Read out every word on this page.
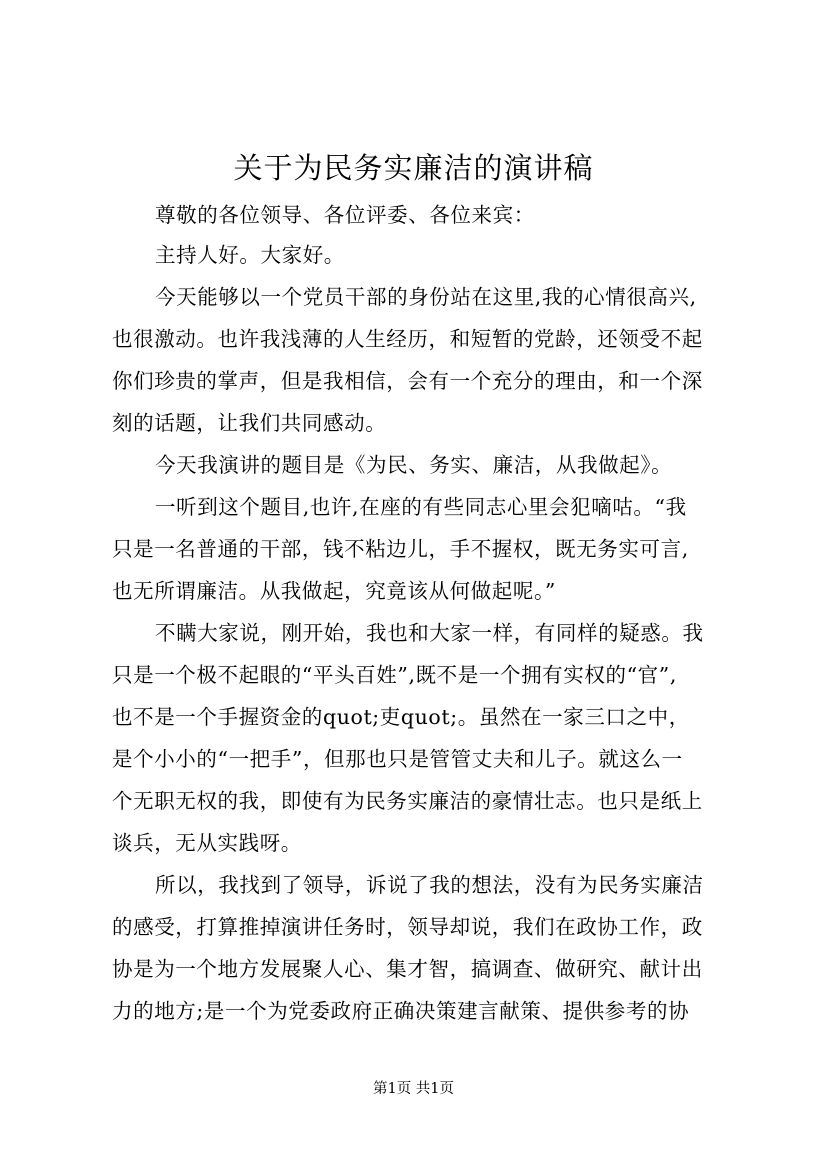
关于为民务实廉洁的演讲稿

尊敬的各位领导、各位评委、各位来宾：

主持人好。大家好。

今天能够以一个党员干部的身份站在这里,我的心情很高兴,

也很激动。也许我浅薄的人生经历，和短暂的党龄，还领受不起

你们珍贵的掌声，但是我相信，会有一个充分的理由，和一个深

刻的话题，让我们共同感动。

今天我演讲的题目是《为民、务实、廉洁，从我做起》。

一听到这个题目,也许,在座的有些同志心里会犯嘀咕。“我

只是一名普通的干部，钱不粘边儿，手不握权，既无务实可言,

也无所谓廉洁。从我做起，究竟该从何做起呢。”

不瞒大家说，刚开始，我也和大家一样，有同样的疑惑。我

只是一个极不起眼的“平头百姓”,既不是一个拥有实权的“官”,

也不是一个手握资金的quot;吏quot;。虽然在一家三口之中，

是个小小的“一把手”，但那也只是管管丈夫和儿子。就这么一

个无职无权的我，即使有为民务实廉洁的豪情壮志。也只是纸上

谈兵，无从实践呀。

所以，我找到了领导，诉说了我的想法，没有为民务实廉洁

的感受，打算推掉演讲任务时，领导却说，我们在政协工作，政

协是为一个地方发展聚人心、集才智，搞调查、做研究、献计出

力的地方;是一个为党委政府正确决策建言献策、提供参考的协

第1页 共1页
